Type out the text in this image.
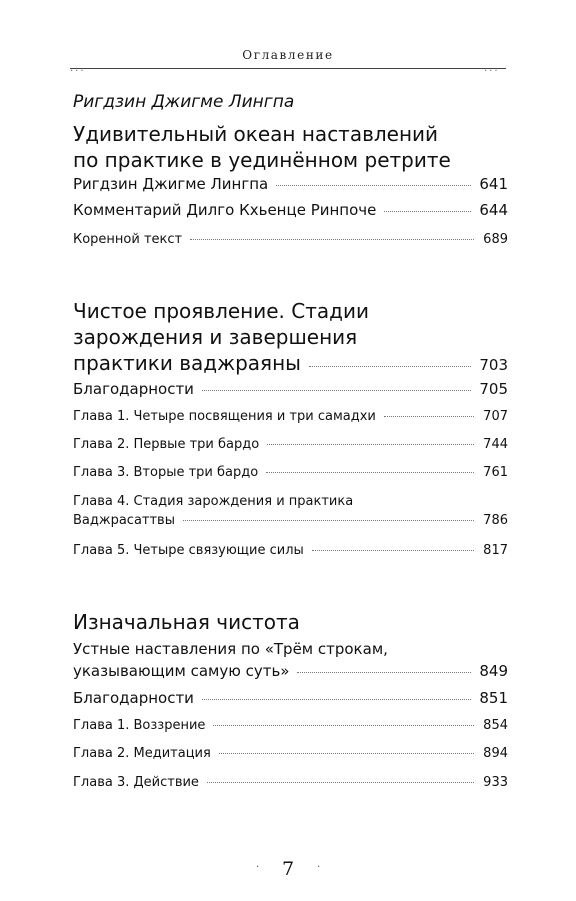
Оглавление
...	...
Ригдзин Джигме Лингпа
Удивительный океан наставлений
по практике в уединённом ретрите
Ригдзин Джигме Лингпа	641
Комментарий Дилго Кхьенце Ринпоче	644
Коренной текст	689
Чистое проявление. Стадии
зарождения и завершения
практики ваджраяны	703
Благодарности	705
Глава 1. Четыре посвящения и три самадхи	707
Глава 2. Первые три бардо	744
Глава 3. Вторые три бардо	761
Глава 4. Стадия зарождения и практика
Ваджрасаттвы	786
Глава 5. Четыре связующие силы	817
Изначальная чистота
Устные наставления по «Трём строкам,
указывающим самую суть»	849
Благодарности	851
Глава 1. Воззрение	854
Глава 2. Медитация	894
Глава 3. Действие	933
·	7	·
